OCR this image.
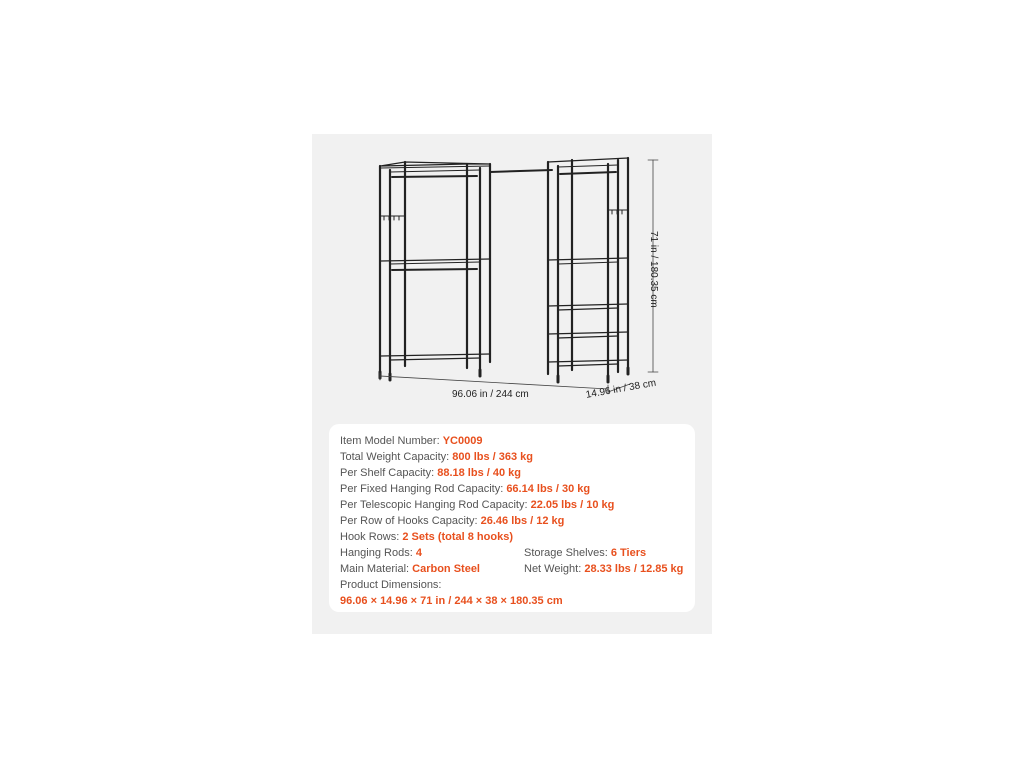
96.06 in / 244 cm	14.96 in / 38 cm
71 in / 180.35 cm
Item Model Number: YC0009
Total Weight Capacity: 800 lbs / 363 kg
Per Shelf Capacity: 88.18 lbs / 40 kg
Per Fixed Hanging Rod Capacity: 66.14 lbs / 30 kg
Per Telescopic Hanging Rod Capacity: 22.05 lbs / 10 kg
Per Row of Hooks Capacity: 26.46 lbs / 12 kg
Hook Rows: 2 Sets (total 8 hooks)
Hanging Rods: 4	Storage Shelves: 6 Tiers
Main Material: Carbon Steel	Net Weight: 28.33 lbs / 12.85 kg
Product Dimensions:
96.06 × 14.96 × 71 in / 244 × 38 × 180.35 cm
